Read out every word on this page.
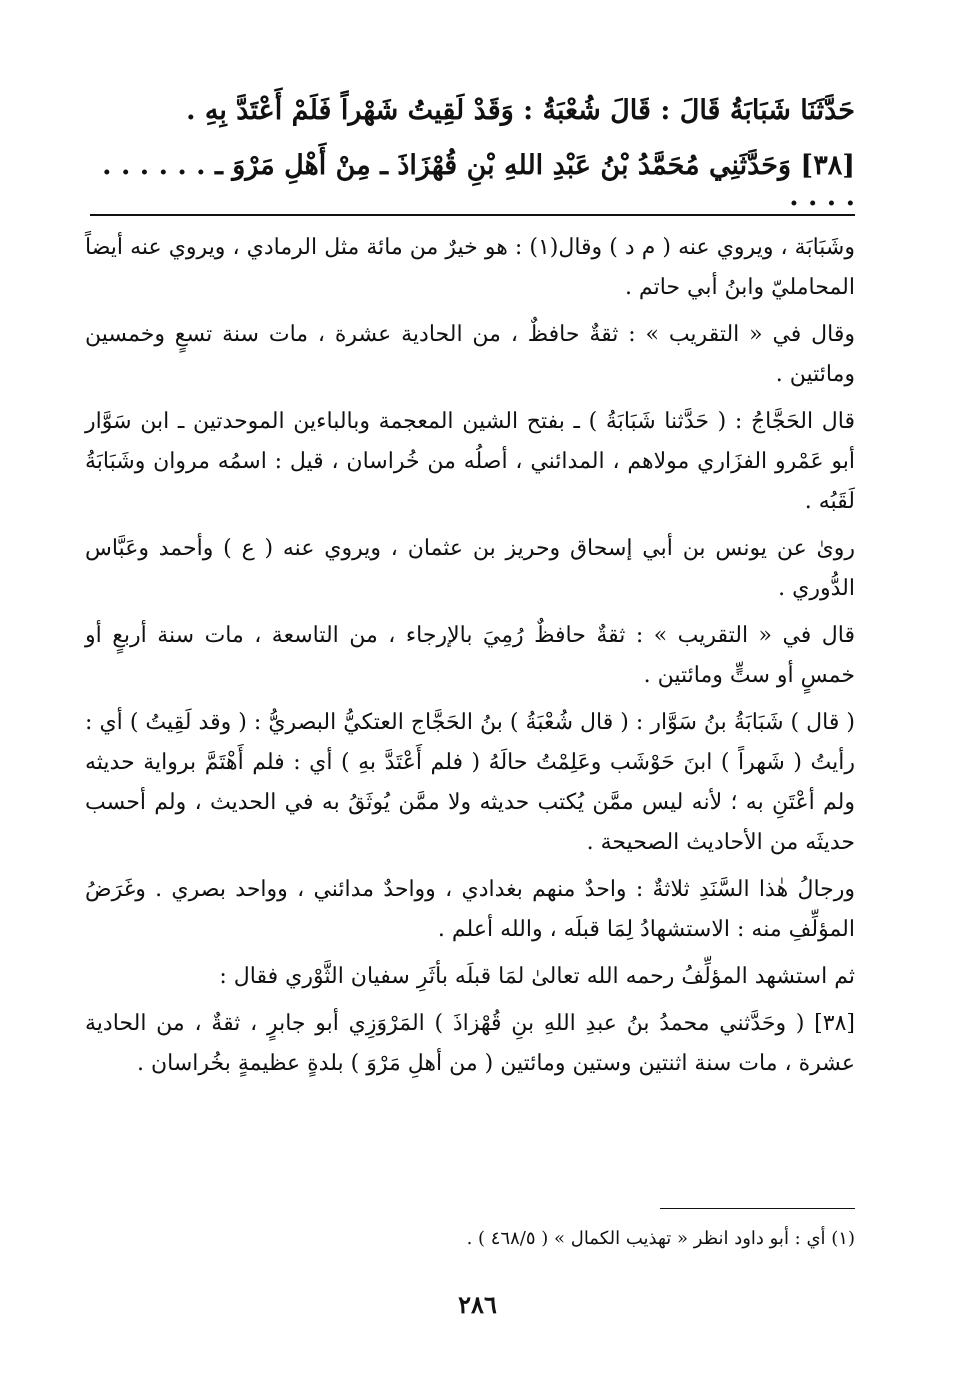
حَدَّثَنَا شَبَابَةُ قَالَ : قَالَ شُعْبَةُ : وَقَدْ لَقِيتُ شَهْراً فَلَمْ أَعْتَدَّ بِهِ .
[٣٨] وَحَدَّثَنِي مُحَمَّدُ بْنُ عَبْدِ اللهِ بْنِ قُهْزَاذَ ـ مِنْ أَهْلِ مَرْوَ ـ . . . . . . . . . .

وشَبَابَة ، ويروي عنه ( م د ) وقال(١) : هو خيرٌ من مائة مثل الرمادي ، ويروي عنه أيضاً المحامليّ وابنُ أبي حاتم .

وقال في « التقريب » : ثقةٌ حافظٌ ، من الحادية عشرة ، مات سنة تسعٍ وخمسين ومائتين .

قال الحَجَّاجُ : ( حَدَّثنا شَبَابَةُ ) ـ بفتح الشين المعجمة وبالباءين الموحدتين ـ ابن سَوَّار أبو عَمْرو الفزَاري مولاهم ، المدائني ، أصلُه من خُراسان ، قيل : اسمُه مروان وشَبَابَةُ لَقَبُه .

روىٰ عن يونس بن أبي إسحاق وحريز بن عثمان ، ويروي عنه ( ع ) وأحمد وعَبَّاس الدُّوري .

قال في « التقريب » : ثقةٌ حافظٌ رُمِيَ بالإرجاء ، من التاسعة ، مات سنة أربعٍ أو خمسٍ أو ستٍّ ومائتين .

( قال ) شَبَابَةُ بنُ سَوَّار : ( قال شُعْبَةُ ) بنُ الحَجَّاج العتكيُّ البصريُّ : ( وقد لَقِيتُ ) أي : رأيتُ ( شَهراً ) ابنَ حَوْشَب وعَلِمْتُ حالَهُ ( فلم أَعْتَدَّ بهِ ) أي : فلم أَهْتَمَّ برواية حديثه ولم أعْتَنِ به ؛ لأنه ليس ممَّن يُكتب حديثه ولا ممَّن يُوثَقُ به في الحديث ، ولم أحسب حديثَه من الأحاديث الصحيحة .

ورجالُ هٰذا السَّنَدِ ثلاثةٌ : واحدٌ منهم بغدادي ، وواحدٌ مدائني ، وواحد بصري . وغَرَضُ المؤلِّفِ منه : الاستشهادُ لِمَا قبلَه ، والله أعلم .

ثم استشهد المؤلِّفُ رحمه الله تعالىٰ لمَا قبلَه بأثَرِ سفيان الثَّوْري فقال :

[٣٨] ( وحَدَّثني محمدُ بنُ عبدِ اللهِ بنِ قُهْزاذَ ) المَرْوَزِي أبو جابرٍ ، ثقةٌ ، من الحادية عشرة ، مات سنة اثنتين وستين ومائتين ( من أهلِ مَرْوَ ) بلدةٍ عظيمةٍ بخُراسان .

(١) أي : أبو داود انظر « تهذيب الكمال » ( ٤٦٨/٥ ) .
٢٨٦
